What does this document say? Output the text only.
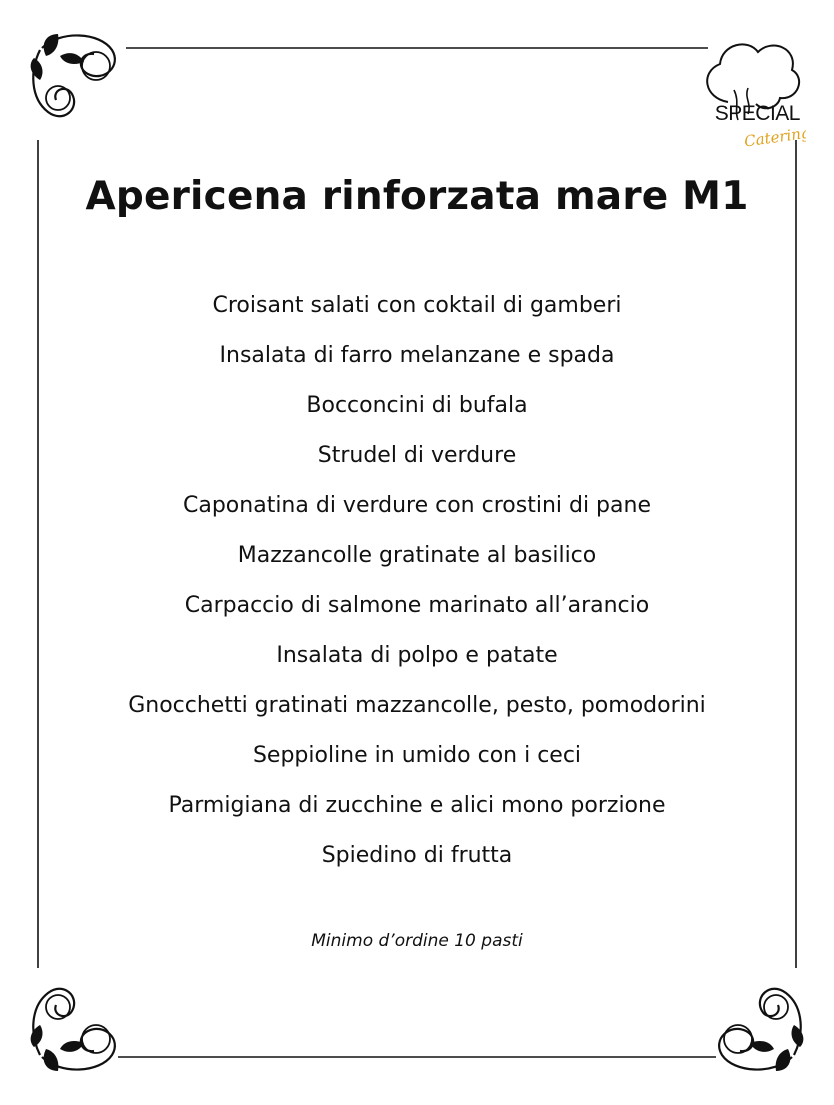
SPECIAL
Catering
Apericena rinforzata mare M1
Croisant salati con coktail di gamberi
Insalata di farro melanzane e spada
Bocconcini di bufala
Strudel di verdure
Caponatina di verdure con crostini di pane
Mazzancolle gratinate al basilico
Carpaccio di salmone marinato all’arancio
Insalata di polpo e patate
Gnocchetti gratinati mazzancolle, pesto, pomodorini
Seppioline in umido con i ceci
Parmigiana di zucchine e alici mono porzione
Spiedino di frutta
Minimo d’ordine 10 pasti
